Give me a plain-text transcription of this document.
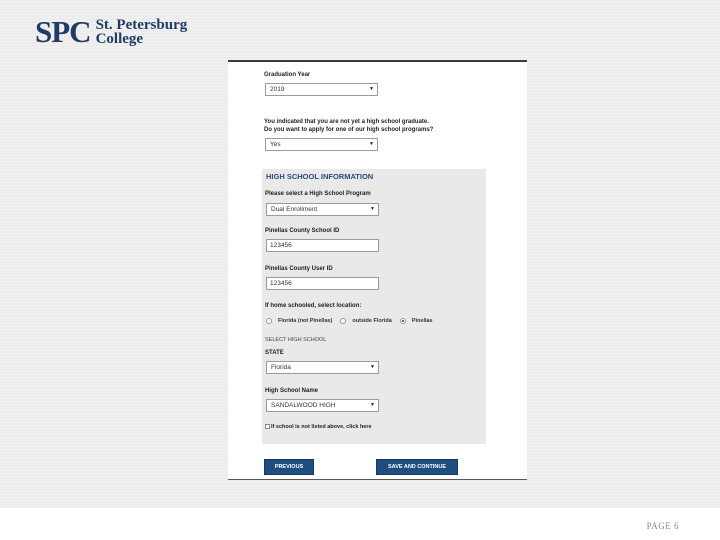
SPC St. Petersburg
College
Graduation Year
2019	▼
You indicated that you are not yet a high school graduate.
Do you want to apply for one of our high school programs?
Yes	▼
HIGH SCHOOL INFORMATION
Please select a High School Program
Dual Enrollment	▼
Pinellas County School ID
123456
Pinellas County User ID
123456
If home schooled, select location:
Florida (not Pinellas)	outside Florida	Pinellas
SELECT HIGH SCHOOL
STATE
Florida	▼
High School Name
SANDALWOOD HIGH	▼
If school is not listed above, click here
PREVIOUS	SAVE AND CONTINUE
PAGE 6
